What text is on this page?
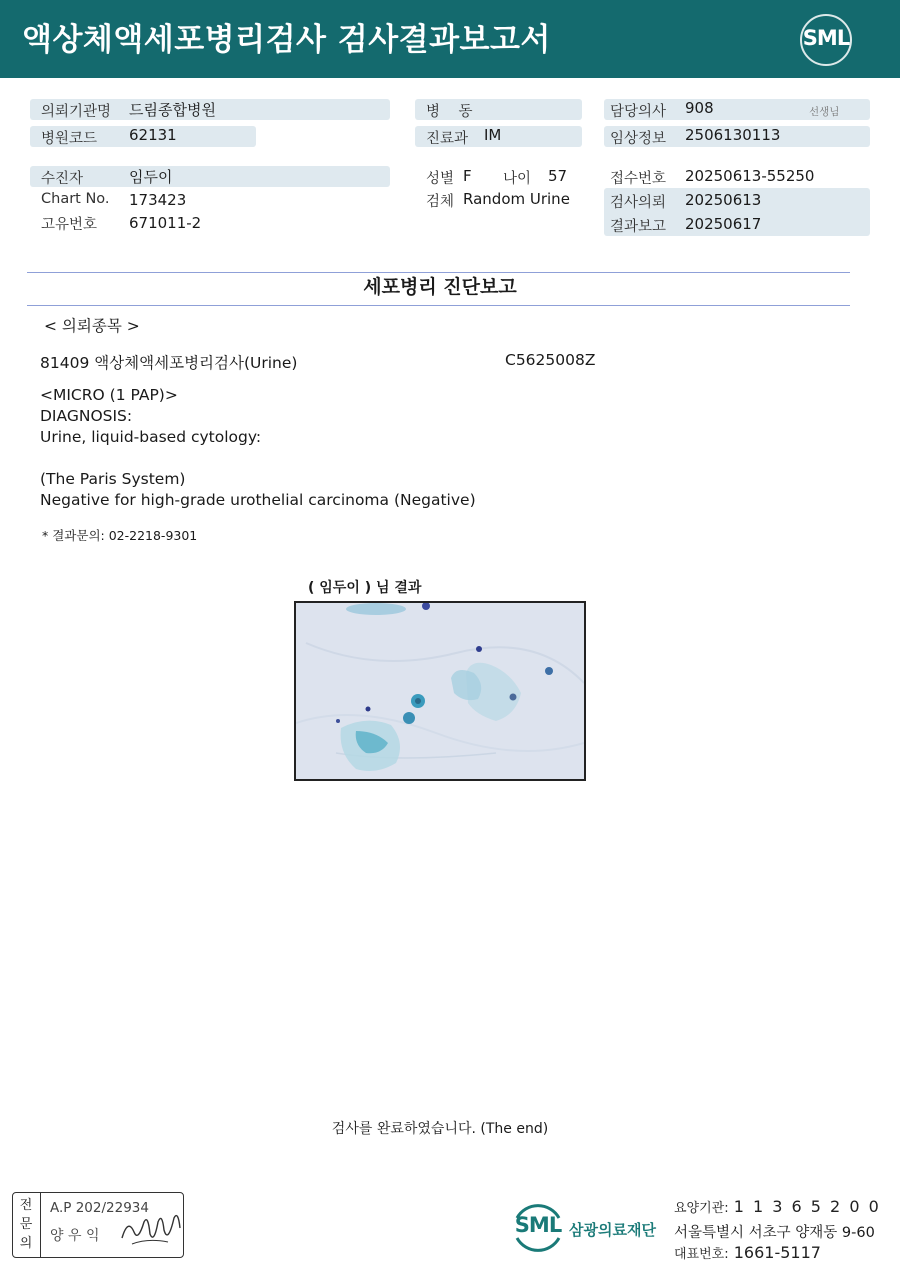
액상체액세포병리검사 검사결과보고서	SML
의뢰기관명 드림종합병원
병원코드 62131
수진자	임두이
Chart No. 173423
고유번호 671011-2
병    동
진료과 IM
성별 F 나이 57
검체 Random Urine
담당의사 908	선생님
임상정보 2506130113
접수번호 20250613-55250
검사의뢰 20250613
결과보고 20250617
세포병리 진단보고
< 의뢰종목 >
81409 액상체액세포병리검사(Urine)	C5625008Z
<MICRO (1 PAP)>
DIAGNOSIS:
Urine, liquid-based cytology:
(The Paris System)
Negative for high-grade urothelial carcinoma (Negative)
* 결과문의: 02-2218-9301
( 임두이 ) 님 결과
검사를 완료하였습니다. (The end)
전문의
A.P 202/22934
양 우 익	SML 삼광의료재단
요양기관: 1 1 3 6 5 2 0 0
서울특별시 서초구 양재동 9-60
대표번호: 1661-5117
